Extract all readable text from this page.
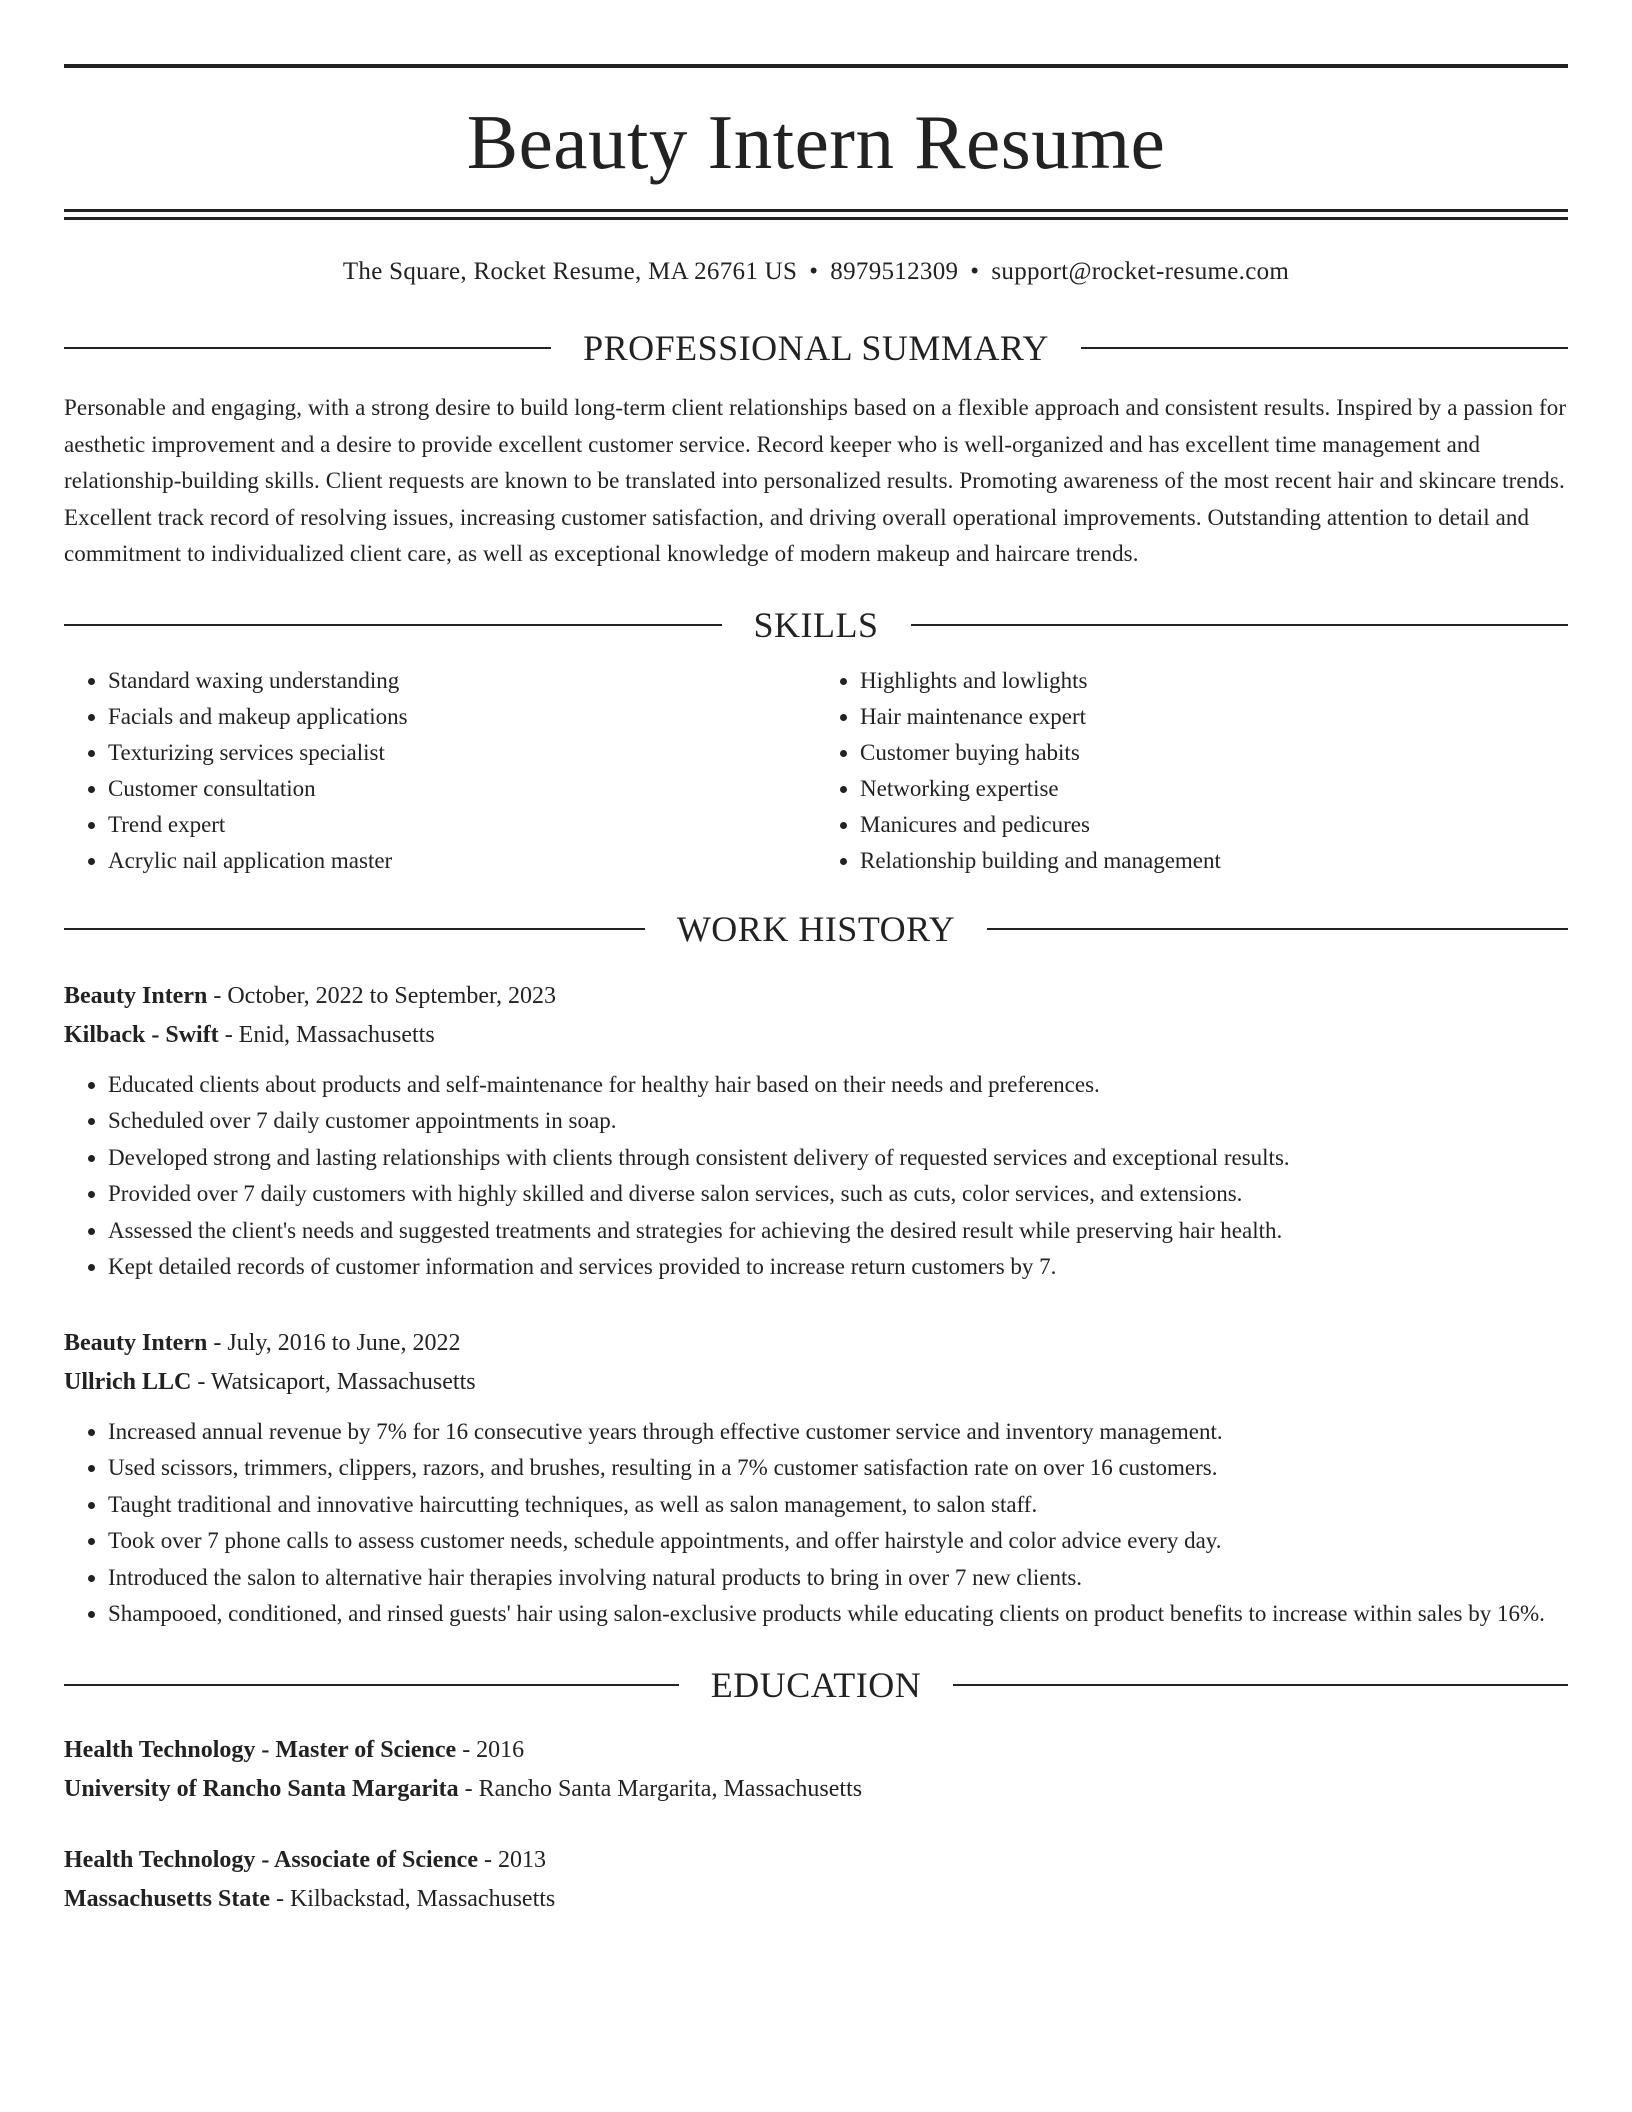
Beauty Intern Resume
The Square, Rocket Resume, MA 26761 US • 8979512309 • support@rocket-resume.com
PROFESSIONAL SUMMARY
Personable and engaging, with a strong desire to build long-term client relationships based on a flexible approach and consistent results. Inspired by a passion for aesthetic improvement and a desire to provide excellent customer service. Record keeper who is well-organized and has excellent time management and relationship-building skills. Client requests are known to be translated into personalized results. Promoting awareness of the most recent hair and skincare trends. Excellent track record of resolving issues, increasing customer satisfaction, and driving overall operational improvements. Outstanding attention to detail and commitment to individualized client care, as well as exceptional knowledge of modern makeup and haircare trends.
SKILLS
• Standard waxing understanding
• Facials and makeup applications
• Texturizing services specialist
• Customer consultation
• Trend expert
• Acrylic nail application master
• Highlights and lowlights
• Hair maintenance expert
• Customer buying habits
• Networking expertise
• Manicures and pedicures
• Relationship building and management
WORK HISTORY
Beauty Intern - October, 2022 to September, 2023
Kilback - Swift - Enid, Massachusetts
• Educated clients about products and self-maintenance for healthy hair based on their needs and preferences.
• Scheduled over 7 daily customer appointments in soap.
• Developed strong and lasting relationships with clients through consistent delivery of requested services and exceptional results.
• Provided over 7 daily customers with highly skilled and diverse salon services, such as cuts, color services, and extensions.
• Assessed the client's needs and suggested treatments and strategies for achieving the desired result while preserving hair health.
• Kept detailed records of customer information and services provided to increase return customers by 7.
Beauty Intern - July, 2016 to June, 2022
Ullrich LLC - Watsicaport, Massachusetts
• Increased annual revenue by 7% for 16 consecutive years through effective customer service and inventory management.
• Used scissors, trimmers, clippers, razors, and brushes, resulting in a 7% customer satisfaction rate on over 16 customers.
• Taught traditional and innovative haircutting techniques, as well as salon management, to salon staff.
• Took over 7 phone calls to assess customer needs, schedule appointments, and offer hairstyle and color advice every day.
• Introduced the salon to alternative hair therapies involving natural products to bring in over 7 new clients.
• Shampooed, conditioned, and rinsed guests' hair using salon-exclusive products while educating clients on product benefits to increase within sales by 16%.
EDUCATION
Health Technology - Master of Science - 2016
University of Rancho Santa Margarita - Rancho Santa Margarita, Massachusetts
Health Technology - Associate of Science - 2013
Massachusetts State - Kilbackstad, Massachusetts
